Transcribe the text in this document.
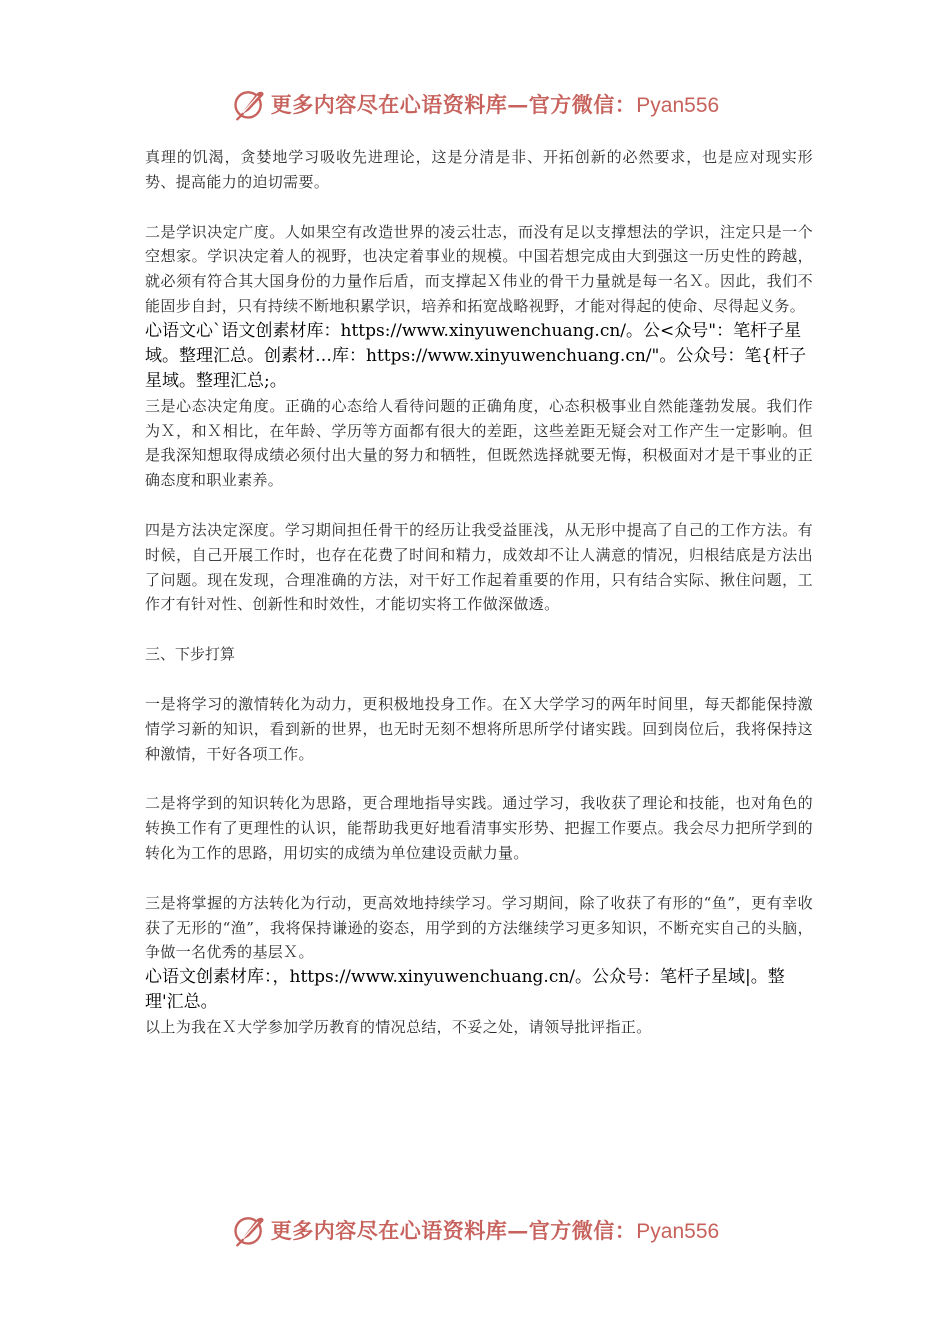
更多内容尽在心语资料库—官方微信：Pyan556

真理的饥渴，贪婪地学习吸收先进理论，这是分清是非、开拓创新的必然要求，也是应对现实形势、提高能力的迫切需要。

二是学识决定广度。人如果空有改造世界的凌云壮志，而没有足以支撑想法的学识，注定只是一个空想家。学识决定着人的视野，也决定着事业的规模。中国若想完成由大到强这一历史性的跨越，就必须有符合其大国身份的力量作后盾，而支撑起Ｘ伟业的骨干力量就是每一名Ｘ。因此，我们不能固步自封，只有持续不断地积累学识，培养和拓宽战略视野，才能对得起的使命、尽得起义务。

心语文心`语文创素材库：https://www.xinyuwenchuang.cn/。公<众号"：笔杆子星域。整理汇总。创素材…库：https://www.xinyuwenchuang.cn/"。公众号：笔{杆子星域。整理汇总;。

三是心态决定角度。正确的心态给人看待问题的正确角度，心态积极事业自然能蓬勃发展。我们作为Ｘ，和Ｘ相比，在年龄、学历等方面都有很大的差距，这些差距无疑会对工作产生一定影响。但是我深知想取得成绩必须付出大量的努力和牺牲，但既然选择就要无悔，积极面对才是干事业的正确态度和职业素养。

四是方法决定深度。学习期间担任骨干的经历让我受益匪浅，从无形中提高了自己的工作方法。有时候，自己开展工作时，也存在花费了时间和精力，成效却不让人满意的情况，归根结底是方法出了问题。现在发现，合理准确的方法，对干好工作起着重要的作用，只有结合实际、揪住问题，工作才有针对性、创新性和时效性，才能切实将工作做深做透。

三、下步打算

一是将学习的激情转化为动力，更积极地投身工作。在Ｘ大学学习的两年时间里，每天都能保持激情学习新的知识，看到新的世界，也无时无刻不想将所思所学付诸实践。回到岗位后，我将保持这种激情，干好各项工作。

二是将学到的知识转化为思路，更合理地指导实践。通过学习，我收获了理论和技能，也对角色的转换工作有了更理性的认识，能帮助我更好地看清事实形势、把握工作要点。我会尽力把所学到的转化为工作的思路，用切实的成绩为单位建设贡献力量。

三是将掌握的方法转化为行动，更高效地持续学习。学习期间，除了收获了有形的“鱼”，更有幸收获了无形的“渔”，我将保持谦逊的姿态，用学到的方法继续学习更多知识，不断充实自己的头脑，争做一名优秀的基层Ｘ。

心语文创素材库：，https://www.xinyuwenchuang.cn/。公众号：笔杆子星域|。整理'汇总。

以上为我在Ｘ大学参加学历教育的情况总结，不妥之处，请领导批评指正。

更多内容尽在心语资料库—官方微信：Pyan556
